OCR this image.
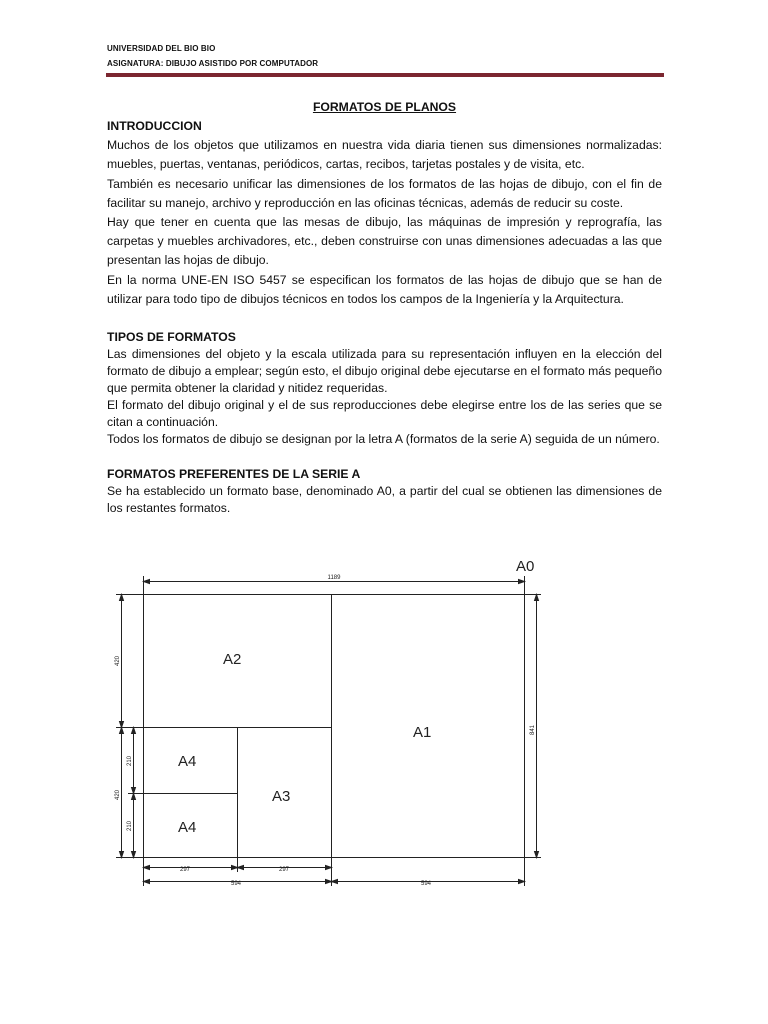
UNIVERSIDAD DEL BIO BIO
ASIGNATURA: DIBUJO ASISTIDO POR COMPUTADOR
FORMATOS DE PLANOS
INTRODUCCION

Muchos de los objetos que utilizamos en nuestra vida diaria tienen sus dimensiones normalizadas: muebles, puertas, ventanas, periódicos, cartas, recibos, tarjetas postales y de visita, etc.

También es necesario unificar las dimensiones de los formatos de las hojas de dibujo, con el fin de facilitar su manejo, archivo y reproducción en las oficinas técnicas, además de reducir su coste.

Hay que tener en cuenta que las mesas de dibujo, las máquinas de impresión y reprografía, las carpetas y muebles archivadores, etc., deben construirse con unas dimensiones adecuadas a las que presentan las hojas de dibujo.

En la norma UNE-EN ISO 5457 se especifican los formatos de las hojas de dibujo que se han de utilizar para todo tipo de dibujos técnicos en todos los campos de la Ingeniería y la Arquitectura.

TIPOS DE FORMATOS

Las dimensiones del objeto y la escala utilizada para su representación influyen en la elección del formato de dibujo a emplear; según esto, el dibujo original debe ejecutarse en el formato más pequeño que permita obtener la claridad y nitidez requeridas.

El formato del dibujo original y el de sus reproducciones debe elegirse entre los de las series que se citan a continuación.

Todos los formatos de dibujo se designan por la letra A (formatos de la serie A) seguida de un número.

FORMATOS PREFERENTES DE LA SERIE A

Se ha establecido un formato base, denominado A0, a partir del cual se obtienen las dimensiones de los restantes formatos.

A0
A1
A2
A3
A4
A4
1189
297	297
594	594
420
420
210
210
841
